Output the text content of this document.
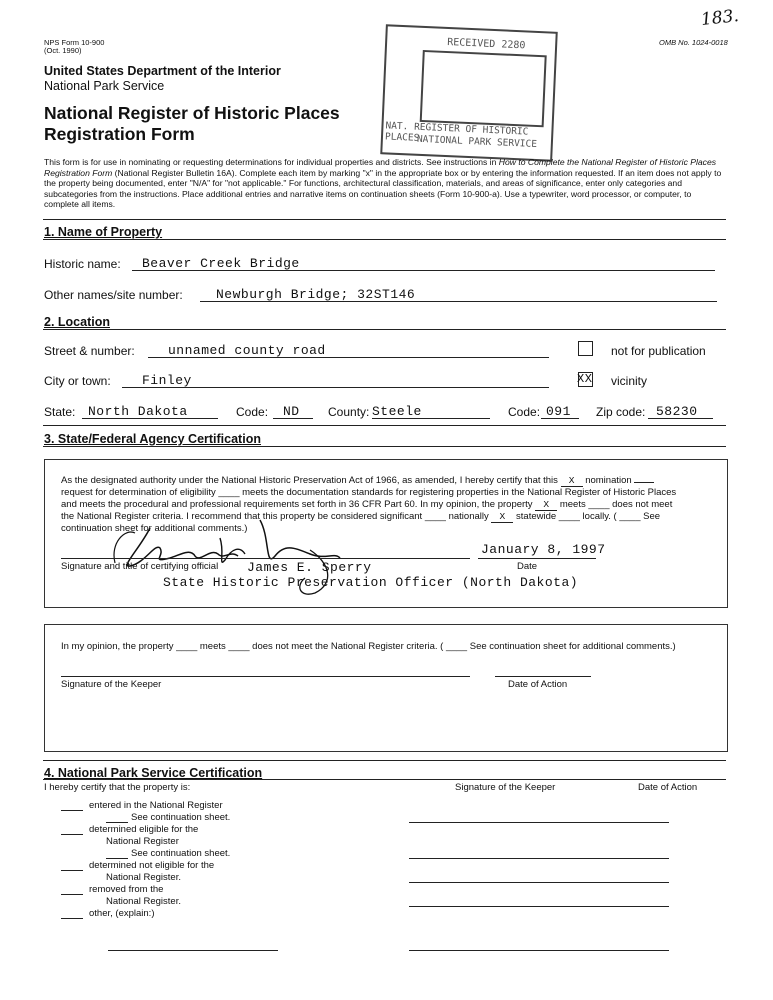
183.
NPS Form 10-900
(Oct. 1990)
OMB No. 1024-0018
United States Department of the Interior
National Park Service
National Register of Historic Places
Registration Form
RECEIVED 2280
NAT. REGISTER OF HISTORIC PLACES
NATIONAL PARK SERVICE
This form is for use in nominating or requesting determinations for individual properties and districts. See instructions in How to Complete the National Register of Historic Places Registration Form (National Register Bulletin 16A). Complete each item by marking "x" in the appropriate box or by entering the information requested. If an item does not apply to the property being documented, enter "N/A" for "not applicable." For functions, architectural classification, materials, and areas of significance, enter only categories and subcategories from the instructions. Place additional entries and narrative items on continuation sheets (Form 10-900-a). Use a typewriter, word processor, or computer, to complete all items.
1. Name of Property
Historic name: Beaver Creek Bridge
Other names/site number:	Newburgh Bridge; 32ST146
2. Location
Street & number:	unnamed county road	not for publication
City or town: Finley	XX vicinity
State: North Dakota	Code: ND County: Steele	Code: 091 Zip code: 58230
3. State/Federal Agency Certification
As the designated authority under the National Historic Preservation Act of 1966, as amended, I hereby certify that this X nomination
request for determination of eligibility ____ meets the documentation standards for registering properties in the National Register of Historic Places
and meets the procedural and professional requirements set forth in 36 CFR Part 60. In my opinion, the property X meets ____ does not meet
the National Register criteria. I recommend that this property be considered significant ____ nationally X statewide ____ locally. ( ____ See
continuation sheet for additional comments.)
January 8, 1997
Signature and title of certifying official James E. Sperry	Date
State Historic Preservation Officer (North Dakota)
In my opinion, the property ____ meets ____ does not meet the National Register criteria. ( ____ See continuation sheet for additional comments.)
Signature of the Keeper	Date of Action
4. National Park Service Certification
I hereby certify that the property is:	Signature of the Keeper	Date of Action
entered in the National Register
See continuation sheet.
determined eligible for the
National Register
See continuation sheet.
determined not eligible for the
National Register.
removed from the
National Register.
other, (explain:)
